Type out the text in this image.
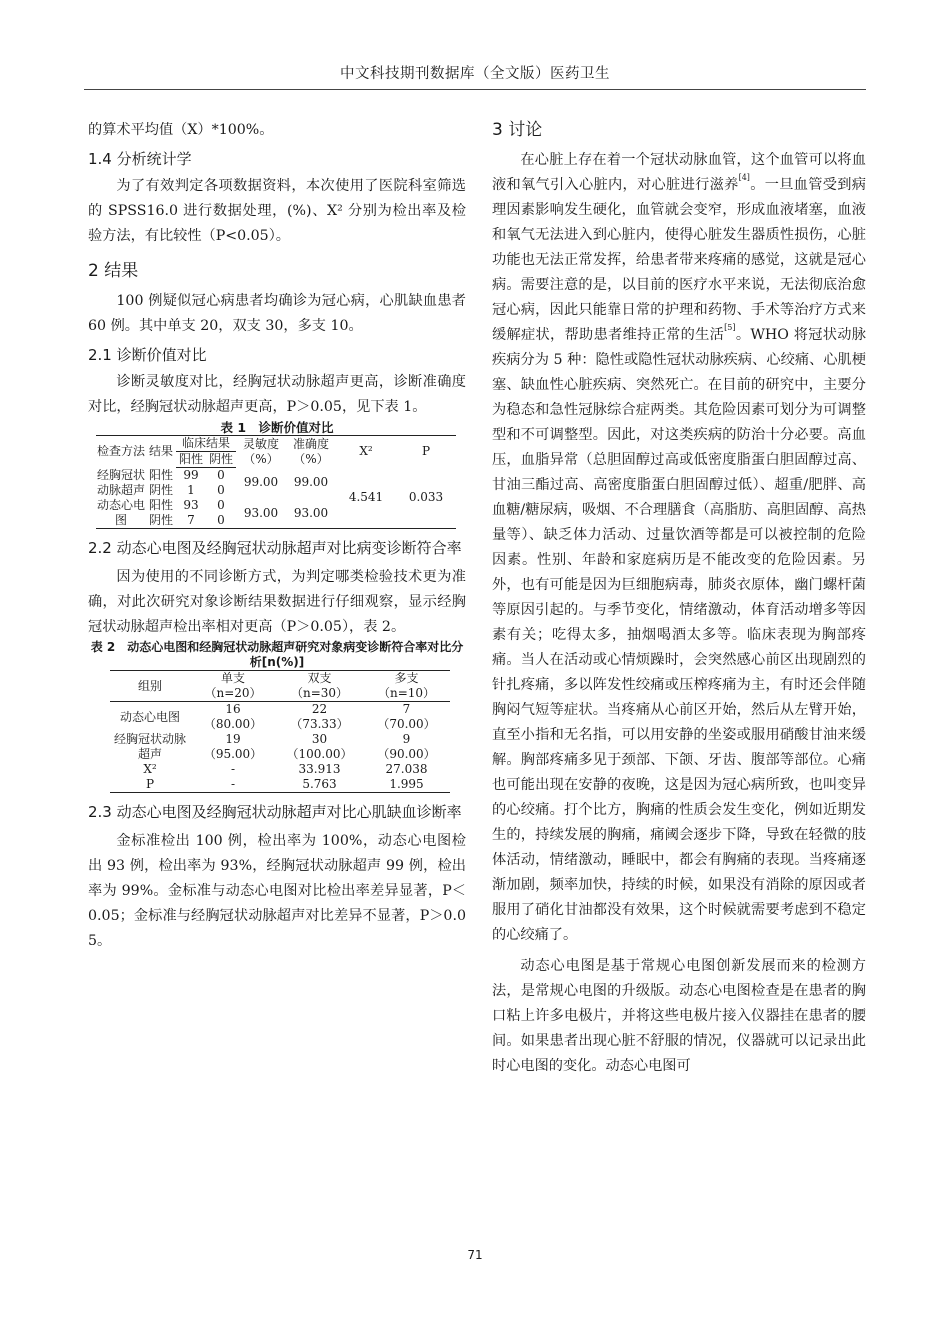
中文科技期刊数据库（全文版）医药卫生

的算术平均值（X）*100%。

1.4 分析统计学

为了有效判定各项数据资料，本次使用了医院科室筛选的 SPSS16.0 进行数据处理，(%)、X² 分别为检出率及检验方法，有比较性（P<0.05）。

2 结果

100 例疑似冠心病患者均确诊为冠心病，心肌缺血患者 60 例。其中单支 20，双支 30，多支 10。

2.1 诊断价值对比

诊断灵敏度对比，经胸冠状动脉超声更高，诊断准确度对比，经胸冠状动脉超声更高，P＞0.05，见下表 1。

表 1　诊断价值对比
检查方法	结果	临床结果		灵敏度（%）	准确度（%）	X²	P
		阳性	阴性				
经胸冠状动脉超声	阳性	99	0	99.00	99.00	4.541	0.033
	阴性	1	0				
动态心电图	阳性	93	0	93.00	93.00		
	阴性	7	0				
2.2 动态心电图及经胸冠状动脉超声对比病变诊断符合率

因为使用的不同诊断方式，为判定哪类检验技术更为准确，对此次研究对象诊断结果数据进行仔细观察，显示经胸冠状动脉超声检出率相对更高（P＞0.05），表 2。

表 2　动态心电图和经胸冠状动脉超声研究对象病变诊断符合率对比分析[n(%)]
组别	单支
（n=20）	双支
（n=30）	多支
（n=10）
动态心电图	16
（80.00）	22
（73.33）	7
（70.00）
经胸冠状动脉超声	19
（95.00）	30
（100.00）	9
（90.00）
X²	-	33.913	27.038
P	-	5.763	1.995
2.3 动态心电图及经胸冠状动脉超声对比心肌缺血诊断率

金标准检出 100 例，检出率为 100%，动态心电图检出 93 例，检出率为 93%，经胸冠状动脉超声 99 例，检出率为 99%。金标准与动态心电图对比检出率差异显著，P＜0.05；金标准与经胸冠状动脉超声对比差异不显著，P＞0.05。

3 讨论

在心脏上存在着一个冠状动脉血管，这个血管可以将血液和氧气引入心脏内，对心脏进行滋养[4]。一旦血管受到病理因素影响发生硬化，血管就会变窄，形成血液堵塞，血液和氧气无法进入到心脏内，使得心脏发生器质性损伤，心脏功能也无法正常发挥，给患者带来疼痛的感觉，这就是冠心病。需要注意的是，以目前的医疗水平来说，无法彻底治愈冠心病，因此只能靠日常的护理和药物、手术等治疗方式来缓解症状，帮助患者维持正常的生活[5]。WHO 将冠状动脉疾病分为 5 种：隐性或隐性冠状动脉疾病、心绞痛、心肌梗塞、缺血性心脏疾病、突然死亡。在目前的研究中，主要分为稳态和急性冠脉综合症两类。其危险因素可划分为可调整型和不可调整型。因此，对这类疾病的防治十分必要。高血压，血脂异常（总胆固醇过高或低密度脂蛋白胆固醇过高、甘油三酯过高、高密度脂蛋白胆固醇过低）、超重/肥胖、高血糖/糖尿病，吸烟、不合理膳食（高脂肪、高胆固醇、高热量等）、缺乏体力活动、过量饮酒等都是可以被控制的危险因素。性别、年龄和家庭病历是不能改变的危险因素。另外，也有可能是因为巨细胞病毒，肺炎衣原体，幽门螺杆菌等原因引起的。与季节变化，情绪激动，体育活动增多等因素有关；吃得太多，抽烟喝酒太多等。临床表现为胸部疼痛。当人在活动或心情烦躁时，会突然感心前区出现剧烈的针扎疼痛，多以阵发性绞痛或压榨疼痛为主，有时还会伴随胸闷气短等症状。当疼痛从心前区开始，然后从左臂开始，直至小指和无名指，可以用安静的坐姿或服用硝酸甘油来缓解。胸部疼痛多见于颈部、下颌、牙齿、腹部等部位。心痛也可能出现在安静的夜晚，这是因为冠心病所致，也叫变异的心绞痛。打个比方，胸痛的性质会发生变化，例如近期发生的，持续发展的胸痛，痛阈会逐步下降，导致在轻微的肢体活动，情绪激动，睡眠中，都会有胸痛的表现。当疼痛逐渐加剧，频率加快，持续的时候，如果没有消除的原因或者服用了硝化甘油都没有效果，这个时候就需要考虑到不稳定的心绞痛了。

动态心电图是基于常规心电图创新发展而来的检测方法，是常规心电图的升级版。动态心电图检查是在患者的胸口粘上许多电极片，并将这些电极片接入仪器挂在患者的腰间。如果患者出现心脏不舒服的情况，仪器就可以记录出此时心电图的变化。动态心电图可

71
